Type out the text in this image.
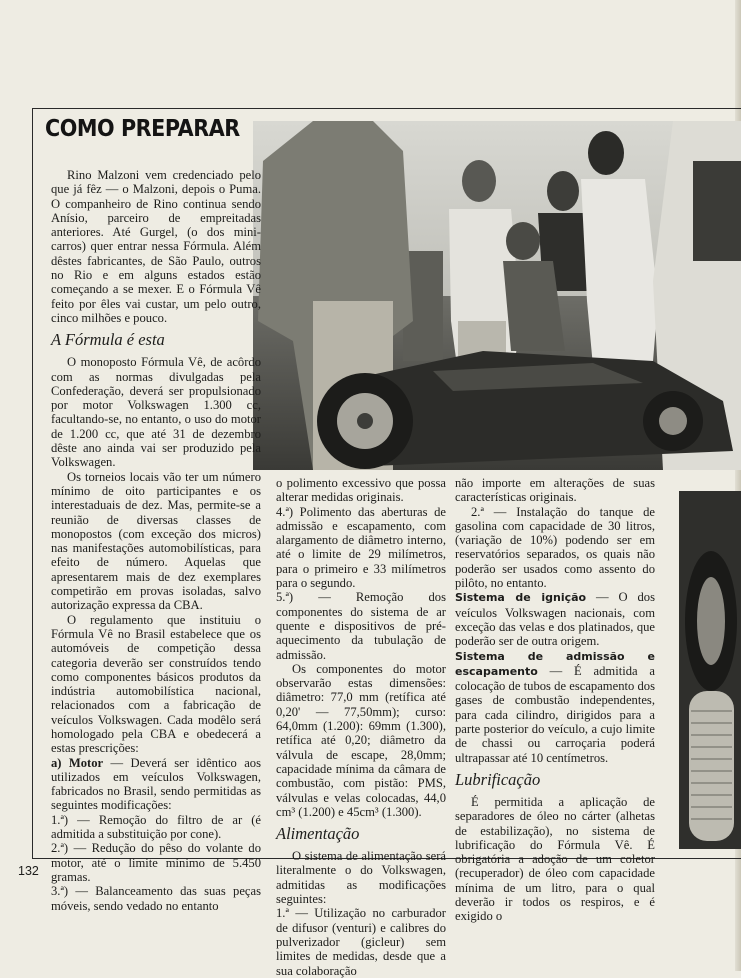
COMO PREPARAR

Rino Malzoni vem credenciado pelo que já fêz — o Malzoni, depois o Puma. O companheiro de Rino continua sendo Anísio, parceiro de empreitadas anteriores. Até Gurgel, (o dos mini-carros) quer entrar nessa Fórmula. Além dêstes fabricantes, de São Paulo, outros no Rio e em alguns estados estão começando a se mexer. E o Fórmula Vê feito por êles vai custar, um pelo outro, cinco milhões e pouco.

A Fórmula é esta

O monoposto Fórmula Vê, de acôrdo com as normas divulgadas pela Confederação, deverá ser propulsionado por motor Volkswagen 1.300 cc, facultando-se, no entanto, o uso do motor de 1.200 cc, que até 31 de dezembro dêste ano ainda vai ser produzido pela Volkswagen.

Os torneios locais vão ter um número mínimo de oito participantes e os interestaduais de dez. Mas, permite-se a reunião de diversas classes de monopostos (com exceção dos micros) nas manifestações automobilísticas, para efeito de número. Aquelas que apresentarem mais de dez exemplares competirão em provas isoladas, salvo autorização expressa da CBA.

O regulamento que instituiu o Fórmula Vê no Brasil estabelece que os automóveis de competição dessa categoria deverão ser construídos tendo como componentes básicos produtos da indústria automobilística nacional, relacionados com a fabricação de veículos Volkswagen. Cada modêlo será homologado pela CBA e obedecerá a estas prescrições:

a) Motor — Deverá ser idêntico aos utilizados em veículos Volkswagen, fabricados no Brasil, sendo permitidas as seguintes modificações:

1.ª) — Remoção do filtro de ar (é admitida a substituição por cone).

2.ª) — Redução do pêso do volante do motor, até o limite mínimo de 5.450 gramas.

3.ª) — Balanceamento das suas peças móveis, sendo vedado no entanto

o polimento excessivo que possa alterar medidas originais.

4.ª) Polimento das aberturas de admissão e escapamento, com alargamento de diâmetro interno, até o limite de 29 milímetros, para o primeiro e 33 milímetros para o segundo.

5.ª) — Remoção dos componentes do sistema de ar quente e dispositivos de pré-aquecimento da tubulação de admissão.

Os componentes do motor observarão estas dimensões: diâmetro: 77,0 mm (retífica até 0,20' — 77,50mm); curso: 64,0mm (1.200): 69mm (1.300), retífica até 0,20; diâmetro da válvula de escape, 28,0mm; capacidade mínima da câmara de combustão, com pistão: PMS, válvulas e velas colocadas, 44,0 cm³ (1.200) e 45cm³ (1.300).

Alimentação

O sistema de alimentação será literalmente o do Volkswagen, admitidas as modificações seguintes:

1.ª — Utilização no carburador de difusor (venturi) e calibres do pulverizador (gicleur) sem limites de medidas, desde que a sua colaboração

não importe em alterações de suas características originais.

2.ª — Instalação do tanque de gasolina com capacidade de 30 litros, (variação de 10%) podendo ser em reservatórios separados, os quais não poderão ser usados como assento do pilôto, no entanto.

Sistema de ignição — O dos veículos Volkswagen nacionais, com exceção das velas e dos platinados, que poderão ser de outra origem.

Sistema de admissão e escapamento — É admitida a colocação de tubos de escapamento dos gases de combustão independentes, para cada cilindro, dirigidos para a parte posterior do veículo, a cujo limite de chassi ou carroçaria poderá ultrapassar até 10 centímetros.

Lubrificação

É permitida a aplicação de separadores de óleo no cárter (alhetas de estabilização), no sistema de lubrificação do Fórmula Vê. É obrigatória a adoção de um coletor (recuperador) de óleo com capacidade mínima de um litro, para o qual deverão ir todos os respiros, e é exigido o

132
